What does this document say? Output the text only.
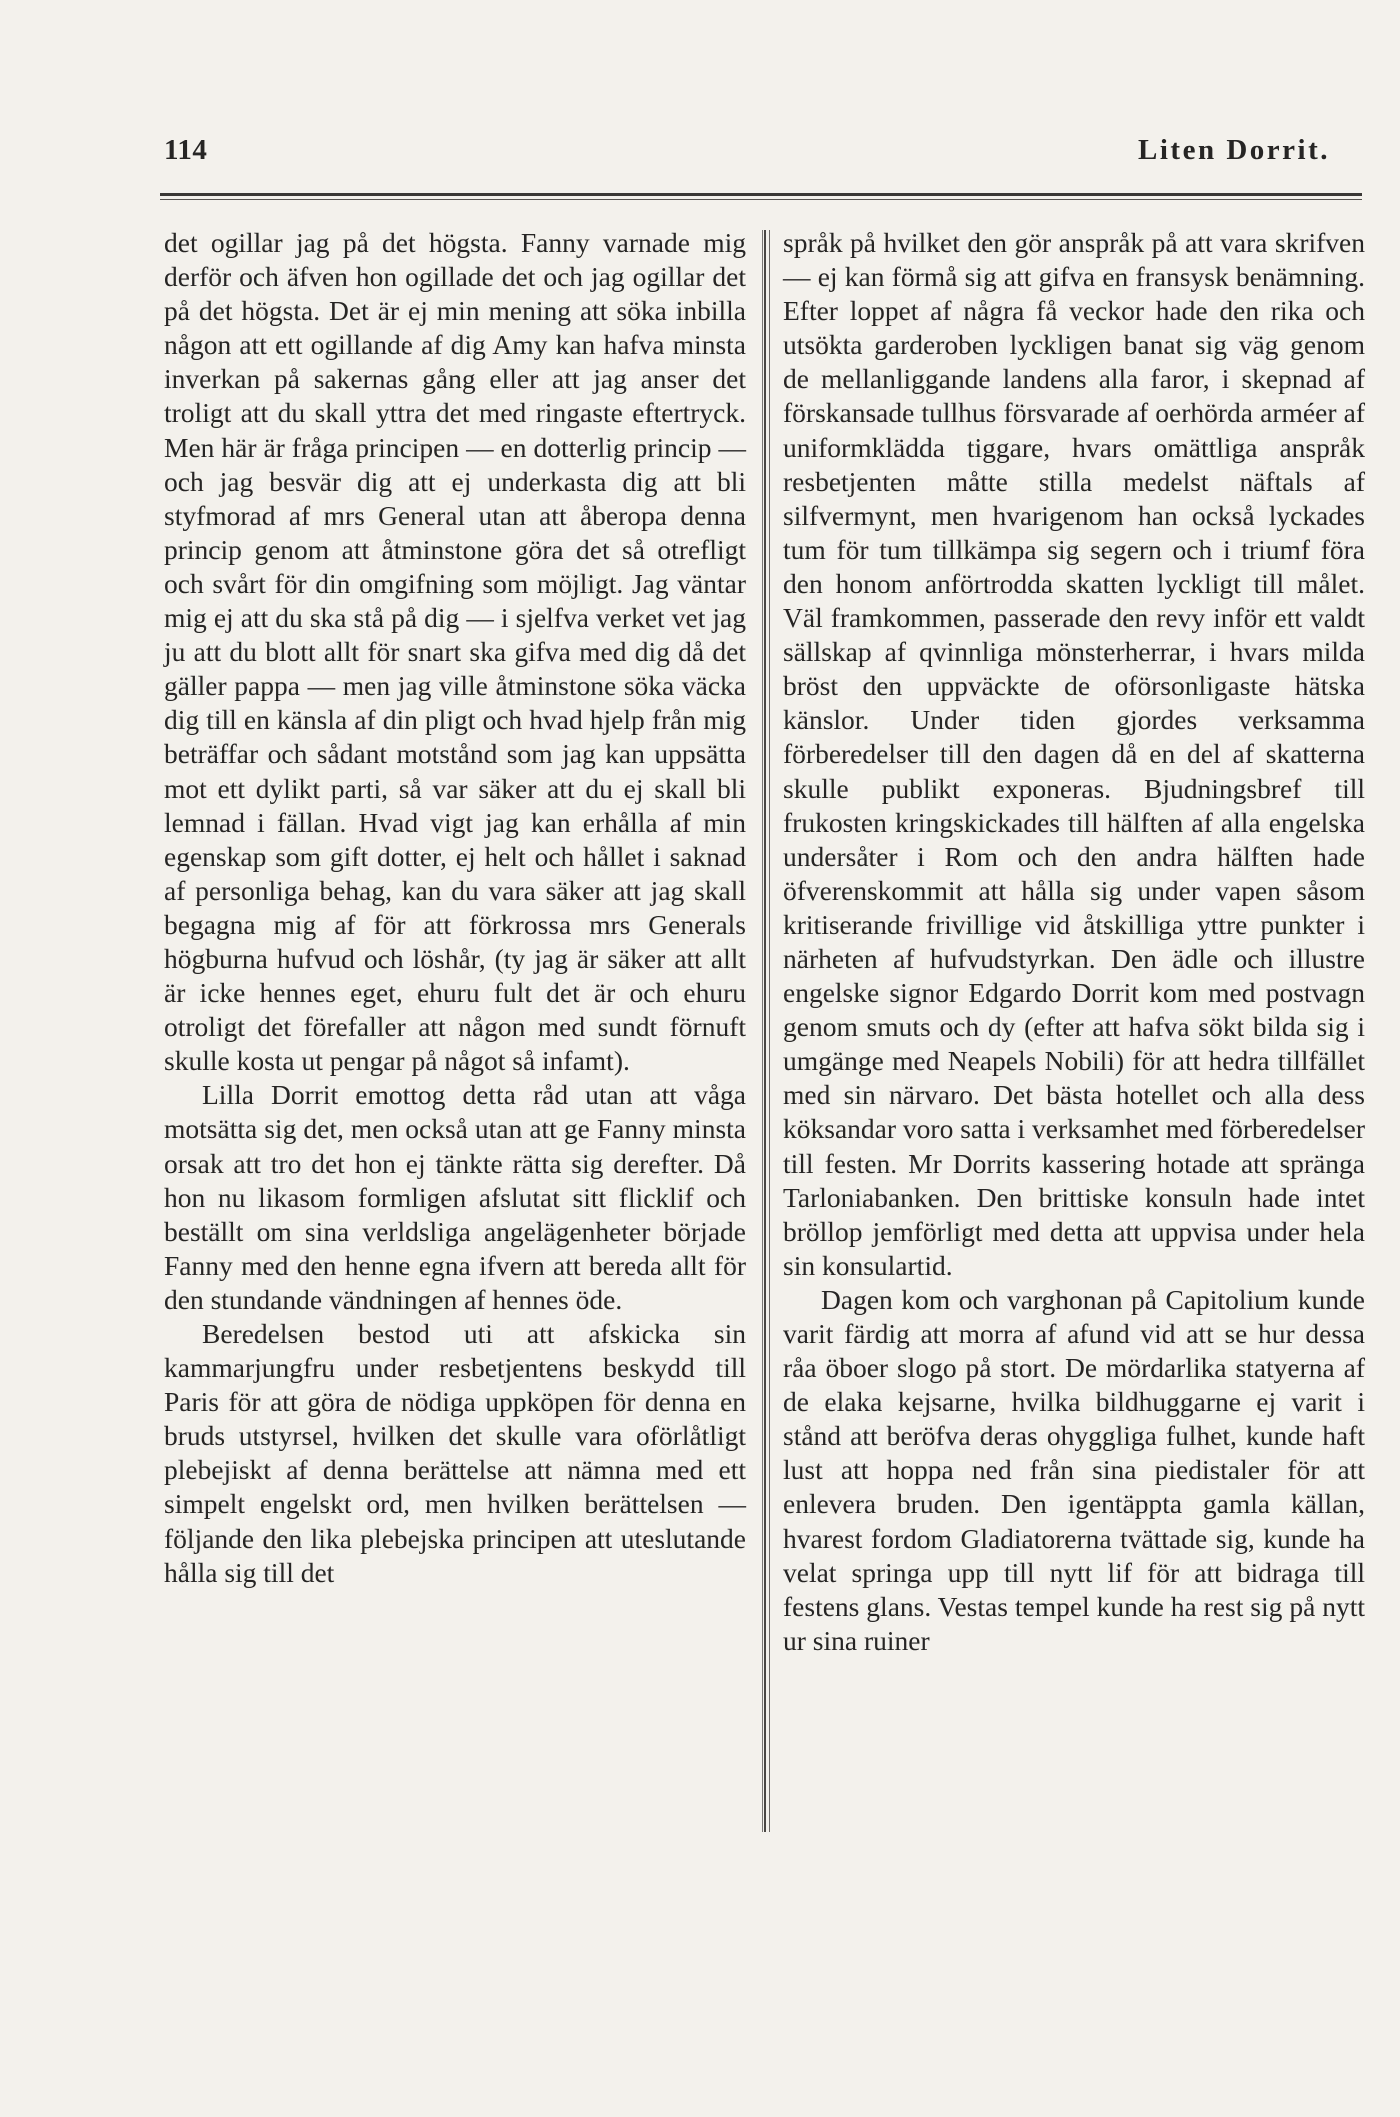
114	Liten Dorrit.

det ogillar jag på det högsta. Fanny varnade mig derför och äfven hon ogillade det och jag ogillar det på det högsta. Det är ej min mening att söka inbilla någon att ett ogillande af dig Amy kan hafva minsta inverkan på sakernas gång eller att jag anser det troligt att du skall yttra det med ringaste eftertryck. Men här är fråga principen — en dotterlig princip — och jag besvär dig att ej underkasta dig att bli styfmorad af mrs General utan att åberopa denna princip genom att åtminstone göra det så otrefligt och svårt för din omgifning som möjligt. Jag väntar mig ej att du ska stå på dig — i sjelfva verket vet jag ju att du blott allt för snart ska gifva med dig då det gäller pappa — men jag ville åtminstone söka väcka dig till en känsla af din pligt och hvad hjelp från mig beträffar och sådant motstånd som jag kan uppsätta mot ett dylikt parti, så var säker att du ej skall bli lemnad i fällan. Hvad vigt jag kan erhålla af min egenskap som gift dotter, ej helt och hållet i saknad af personliga behag, kan du vara säker att jag skall begagna mig af för att förkrossa mrs Generals högburna hufvud och löshår, (ty jag är säker att allt är icke hennes eget, ehuru fult det är och ehuru otroligt det förefaller att någon med sundt förnuft skulle kosta ut pengar på något så infamt).

Lilla Dorrit emottog detta råd utan att våga motsätta sig det, men också utan att ge Fanny minsta orsak att tro det hon ej tänkte rätta sig derefter. Då hon nu likasom formligen afslutat sitt flicklif och beställt om sina verldsliga angelägenheter började Fanny med den henne egna ifvern att bereda allt för den stundande vändningen af hennes öde.

Beredelsen bestod uti att afskicka sin kammarjungfru under resbetjentens beskydd till Paris för att göra de nödiga uppköpen för denna en bruds utstyrsel, hvilken det skulle vara oförlåtligt plebejiskt af denna berättelse att nämna med ett simpelt engelskt ord, men hvilken berättelsen — följande den lika plebejska principen att uteslutande hålla sig till det

språk på hvilket den gör anspråk på att vara skrifven — ej kan förmå sig att gifva en fransysk benämning. Efter loppet af några få veckor hade den rika och utsökta garderoben lyckligen banat sig väg genom de mellanliggande landens alla faror, i skepnad af förskansade tullhus försvarade af oerhörda arméer af uniformklädda tiggare, hvars omättliga anspråk resbetjenten måtte stilla medelst näftals af silfvermynt, men hvarigenom han också lyckades tum för tum tillkämpa sig segern och i triumf föra den honom anförtrodda skatten lyckligt till målet. Väl framkommen, passerade den revy inför ett valdt sällskap af qvinnliga mönsterherrar, i hvars milda bröst den uppväckte de oförsonligaste hätska känslor. Under tiden gjordes verksamma förberedelser till den dagen då en del af skatterna skulle publikt exponeras. Bjudningsbref till frukosten kringskickades till hälften af alla engelska undersåter i Rom och den andra hälften hade öfverenskommit att hålla sig under vapen såsom kritiserande frivillige vid åtskilliga yttre punkter i närheten af hufvudstyrkan. Den ädle och illustre engelske signor Edgardo Dorrit kom med postvagn genom smuts och dy (efter att hafva sökt bilda sig i umgänge med Neapels Nobili) för att hedra tillfället med sin närvaro. Det bästa hotellet och alla dess köksandar voro satta i verksamhet med förberedelser till festen. Mr Dorrits kassering hotade att spränga Tarloniabanken. Den brittiske konsuln hade intet bröllop jemförligt med detta att uppvisa under hela sin konsulartid.

Dagen kom och varghonan på Capitolium kunde varit färdig att morra af afund vid att se hur dessa råa öboer slogo på stort. De mördarlika statyerna af de elaka kejsarne, hvilka bildhuggarne ej varit i stånd att beröfva deras ohyggliga fulhet, kunde haft lust att hoppa ned från sina piedistaler för att enlevera bruden. Den igentäppta gamla källan, hvarest fordom Gladiatorerna tvättade sig, kunde ha velat springa upp till nytt lif för att bidraga till festens glans. Vestas tempel kunde ha rest sig på nytt ur sina ruiner
